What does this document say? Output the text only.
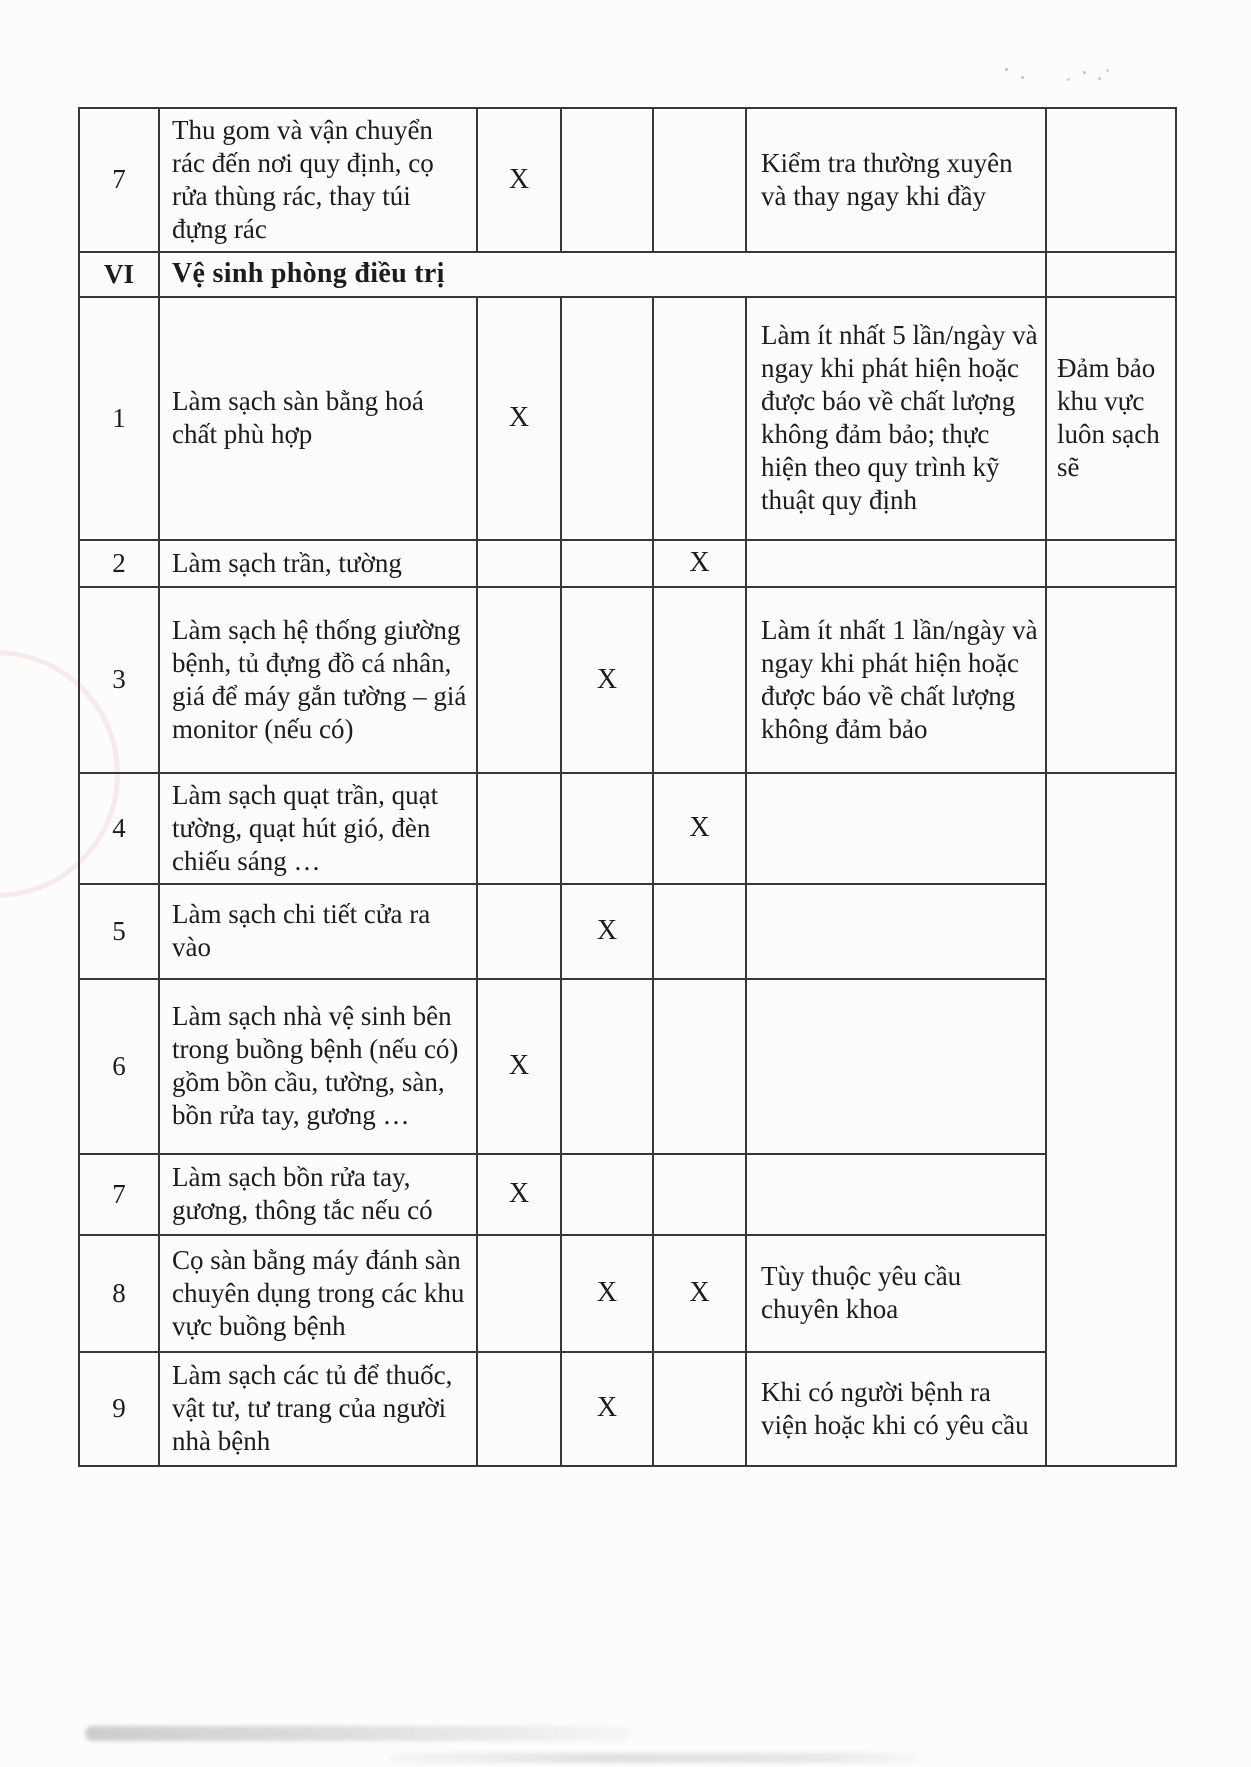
7	Thu gom và vận chuyển rác đến nơi quy định, cọ rửa thùng rác, thay túi đựng rác	X			Kiểm tra thường xuyên và thay ngay khi đầy	
VI	Vệ sinh phòng điều trị					
1	Làm sạch sàn bằng hoá chất phù hợp	X			Làm ít nhất 5 lần/ngày và ngay khi phát hiện hoặc được báo về chất lượng không đảm bảo; thực hiện theo quy trình kỹ thuật quy định	Đảm bảo khu vực luôn sạch sẽ
2	Làm sạch trần, tường			X		
3	Làm sạch hệ thống giường bệnh, tủ đựng đồ cá nhân, giá để máy gắn tường – giá monitor (nếu có)		X		Làm ít nhất 1 lần/ngày và ngay khi phát hiện hoặc được báo về chất lượng không đảm bảo	
4	Làm sạch quạt trần, quạt tường, quạt hút gió, đèn chiếu sáng …			X		
5	Làm sạch chi tiết cửa ra vào		X			
6	Làm sạch nhà vệ sinh bên trong buồng bệnh (nếu có) gồm bồn cầu, tường, sàn, bồn rửa tay, gương …	X				
7	Làm sạch bồn rửa tay, gương, thông tắc nếu có	X				
8	Cọ sàn bằng máy đánh sàn chuyên dụng trong các khu vực buồng bệnh		X	X	Tùy thuộc yêu cầu chuyên khoa	
9	Làm sạch các tủ để thuốc, vật tư, tư trang của người nhà bệnh		X		Khi có người bệnh ra viện hoặc khi có yêu cầu	
